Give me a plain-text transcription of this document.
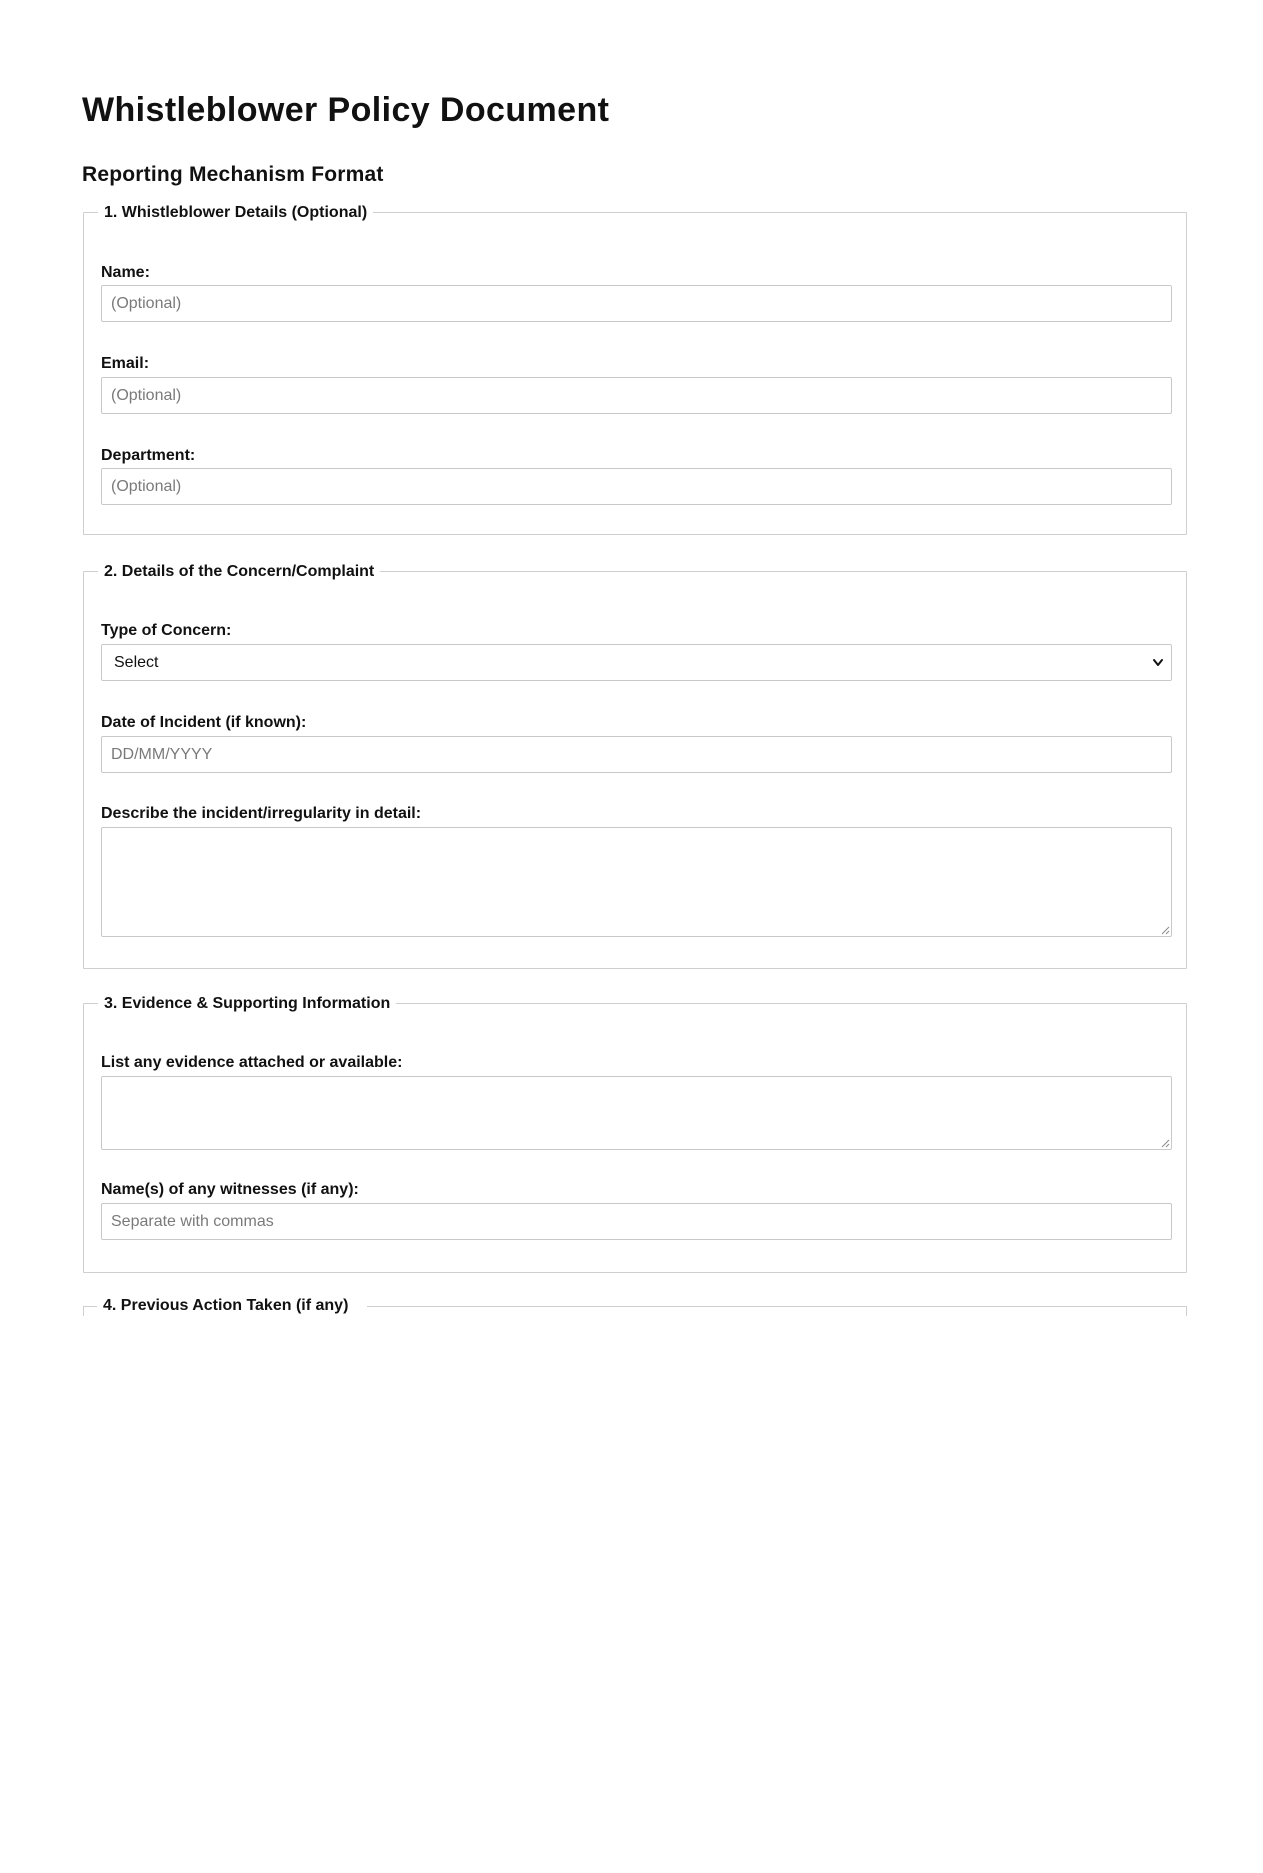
Whistleblower Policy Document
Reporting Mechanism Format
1. Whistleblower Details (Optional)
Name:
(Optional)
Email:
(Optional)
Department:
(Optional)
2. Details of the Concern/Complaint
Type of Concern:
Select
Date of Incident (if known):
DD/MM/YYYY
Describe the incident/irregularity in detail:
3. Evidence & Supporting Information
List any evidence attached or available:
Name(s) of any witnesses (if any):
Separate with commas
4. Previous Action Taken (if any)
